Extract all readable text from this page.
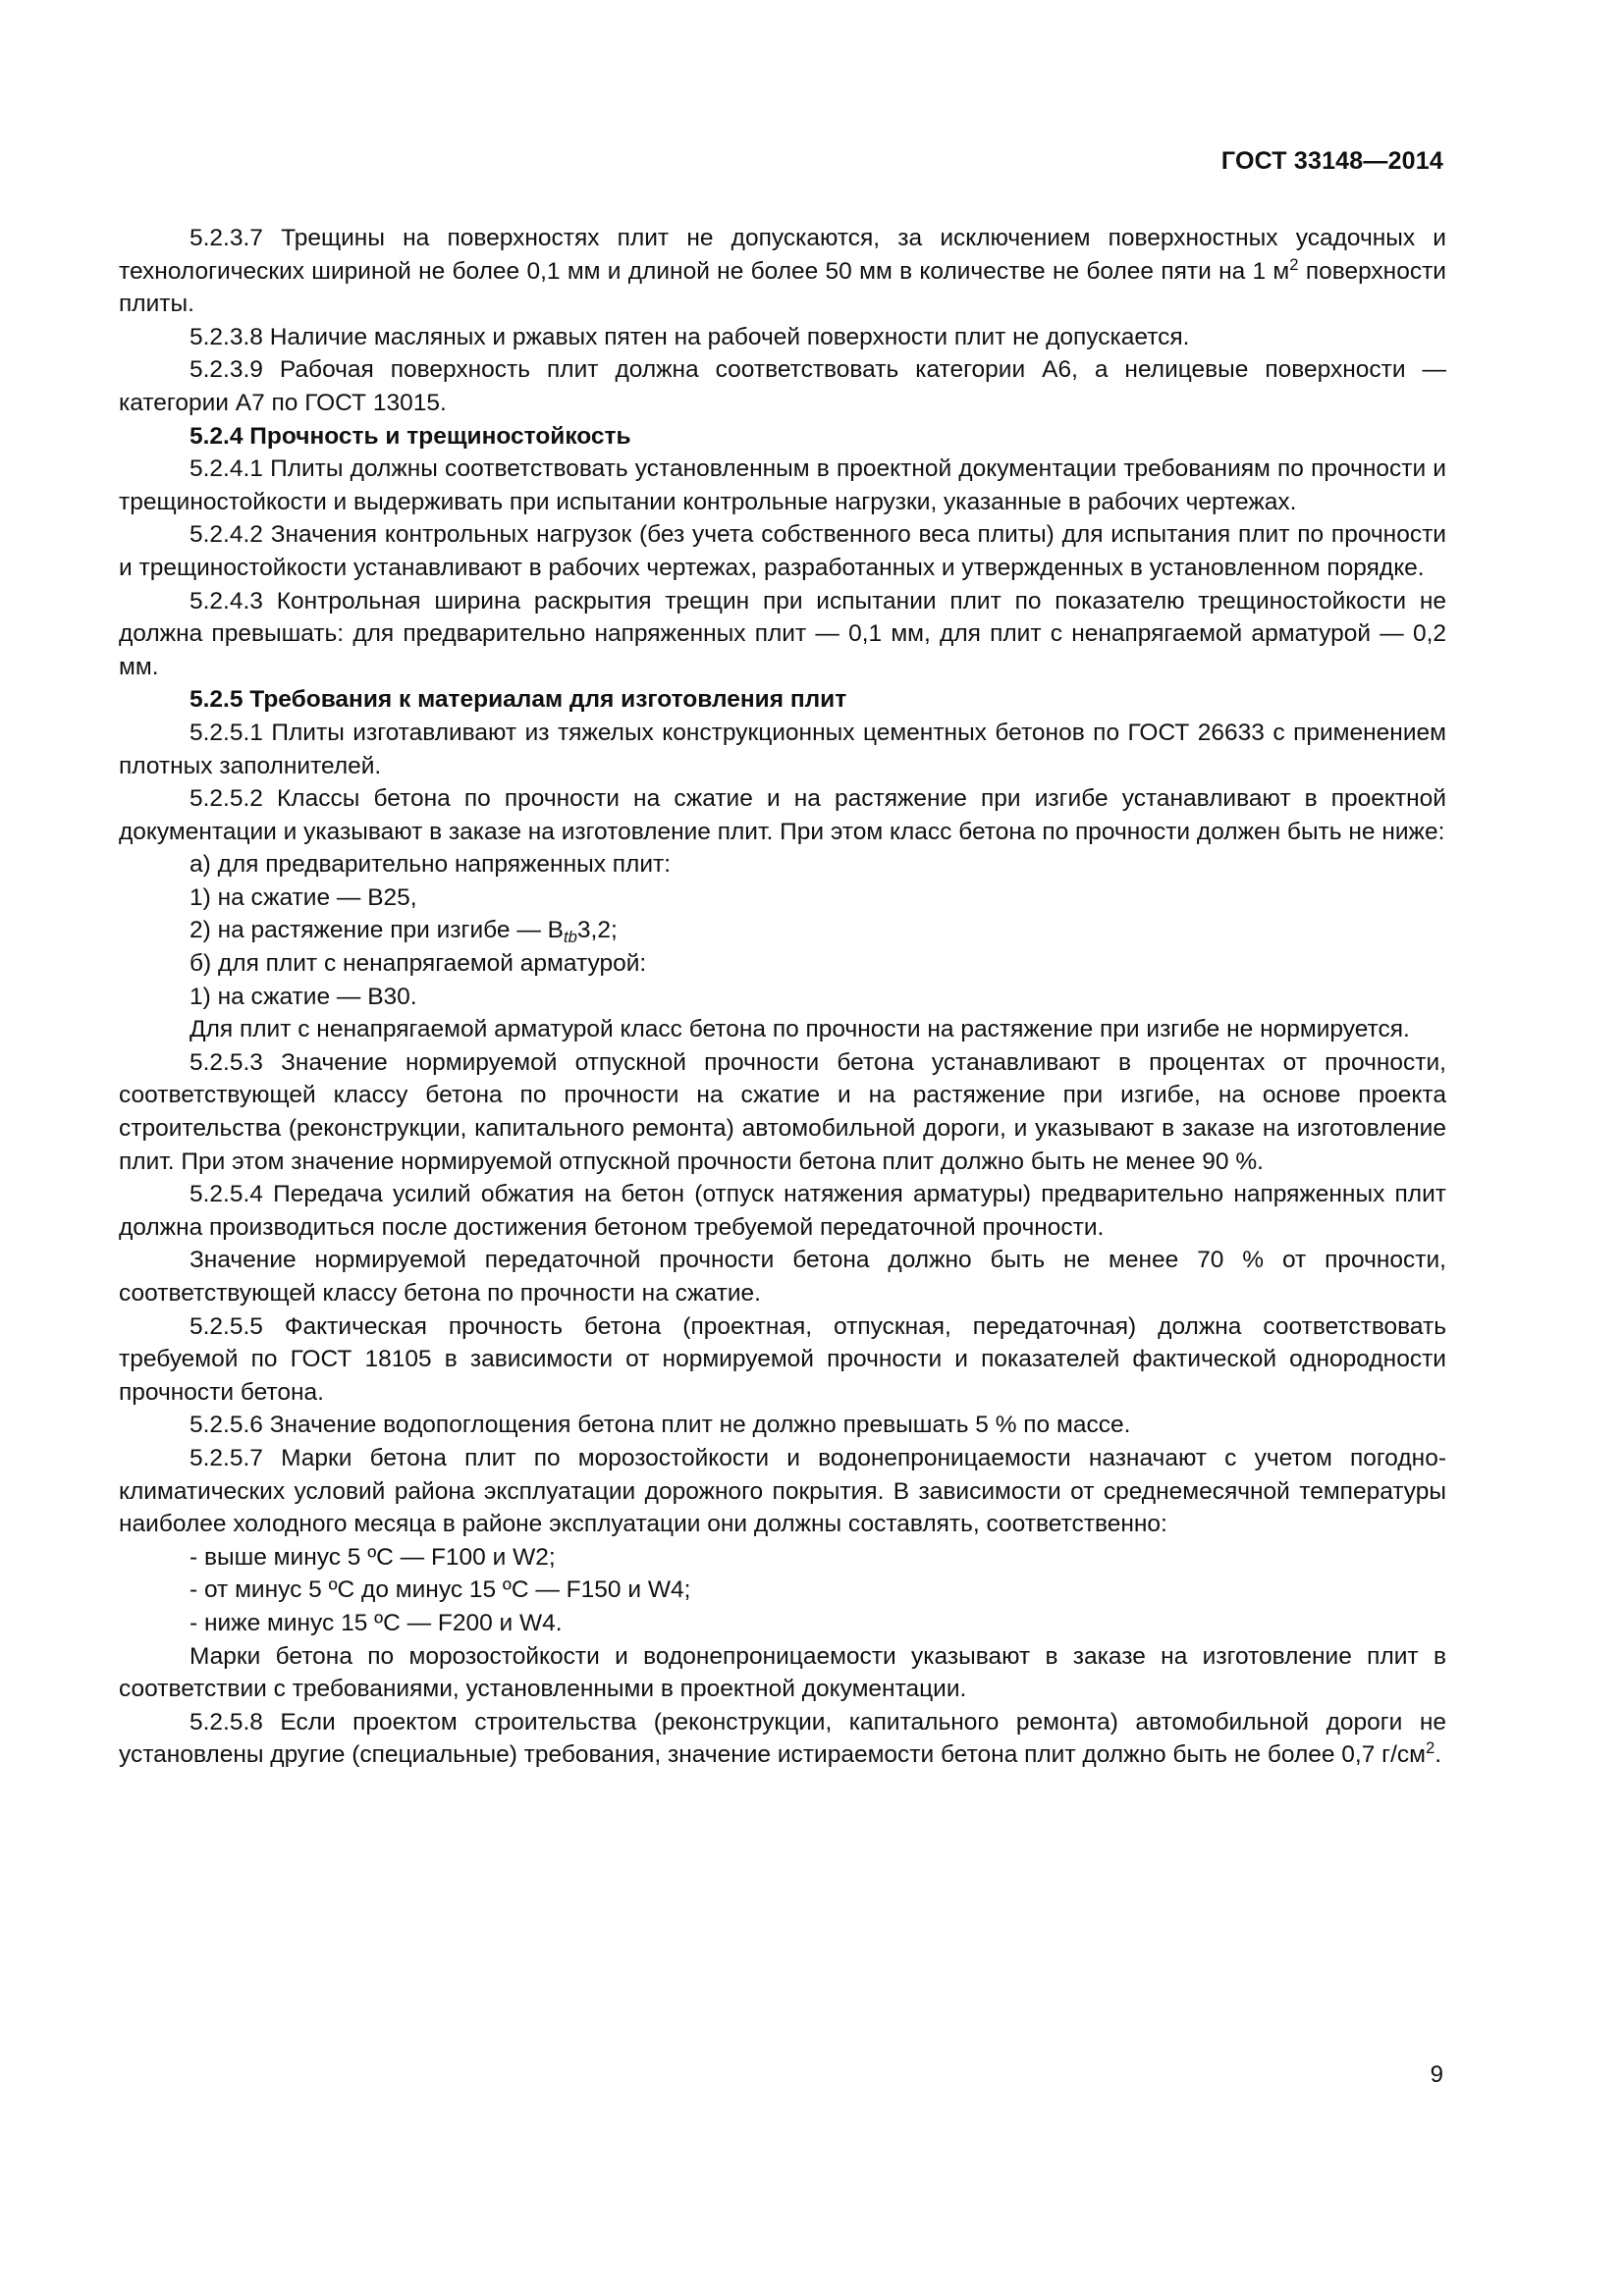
ГОСТ 33148—2014

5.2.3.7 Трещины на поверхностях плит не допускаются, за исключением поверхностных усадочных и технологических шириной не более 0,1 мм и длиной не более 50 мм в количестве не более пяти на 1 $м^2$ поверхности плиты.

5.2.3.8 Наличие масляных и ржавых пятен на рабочей поверхности плит не допускается.

5.2.3.9 Рабочая поверхность плит должна соответствовать категории А6, а нелицевые поверхности — категории А7 по ГОСТ 13015.

5.2.4 Прочность и трещиностойкость

5.2.4.1 Плиты должны соответствовать установленным в проектной документации требованиям по прочности и трещиностойкости и выдерживать при испытании контрольные нагрузки, указанные в рабочих чертежах.

5.2.4.2 Значения контрольных нагрузок (без учета собственного веса плиты) для испытания плит по прочности и трещиностойкости устанавливают в рабочих чертежах, разработанных и утвержденных в установленном порядке.

5.2.4.3 Контрольная ширина раскрытия трещин при испытании плит по показателю трещиностойкости не должна превышать: для предварительно напряженных плит — 0,1 мм, для плит с ненапрягаемой арматурой — 0,2 мм.

5.2.5 Требования к материалам для изготовления плит

5.2.5.1 Плиты изготавливают из тяжелых конструкционных цементных бетонов по ГОСТ 26633 с применением плотных заполнителей.

5.2.5.2 Классы бетона по прочности на сжатие и на растяжение при изгибе устанавливают в проектной документации и указывают в заказе на изготовление плит. При этом класс бетона по прочности должен быть не ниже:

а) для предварительно напряженных плит:

1) на сжатие — В25,

2) на растяжение при изгибе — $В_{tb}3,2$;

б) для плит с ненапрягаемой арматурой:

1) на сжатие — В30.

Для плит с ненапрягаемой арматурой класс бетона по прочности на растяжение при изгибе не нормируется.

5.2.5.3 Значение нормируемой отпускной прочности бетона устанавливают в процентах от прочности, соответствующей классу бетона по прочности на сжатие и на растяжение при изгибе, на основе проекта строительства (реконструкции, капитального ремонта) автомобильной дороги, и указывают в заказе на изготовление плит. При этом значение нормируемой отпускной прочности бетона плит должно быть не менее 90 %.

5.2.5.4 Передача усилий обжатия на бетон (отпуск натяжения арматуры) предварительно напряженных плит должна производиться после достижения бетоном требуемой передаточной прочности.

Значение нормируемой передаточной прочности бетона должно быть не менее 70 % от прочности, соответствующей классу бетона по прочности на сжатие.

5.2.5.5 Фактическая прочность бетона (проектная, отпускная, передаточная) должна соответствовать требуемой по ГОСТ 18105 в зависимости от нормируемой прочности и показателей фактической однородности прочности бетона.

5.2.5.6 Значение водопоглощения бетона плит не должно превышать 5 % по массе.

5.2.5.7 Марки бетона плит по морозостойкости и водонепроницаемости назначают с учетом погодно-климатических условий района эксплуатации дорожного покрытия. В зависимости от среднемесячной температуры наиболее холодного месяца в районе эксплуатации они должны составлять, соответственно:

- выше минус 5 ºС — F100 и W2;

- от минус 5 ºС до минус 15 ºС — F150 и W4;

- ниже минус 15 ºС — F200 и W4.

Марки бетона по морозостойкости и водонепроницаемости указывают в заказе на изготовление плит в соответствии с требованиями, установленными в проектной документации.

5.2.5.8 Если проектом строительства (реконструкции, капитального ремонта) автомобильной дороги не установлены другие (специальные) требования, значение истираемости бетона плит должно быть не более 0,7 $г/см^2$.

9
